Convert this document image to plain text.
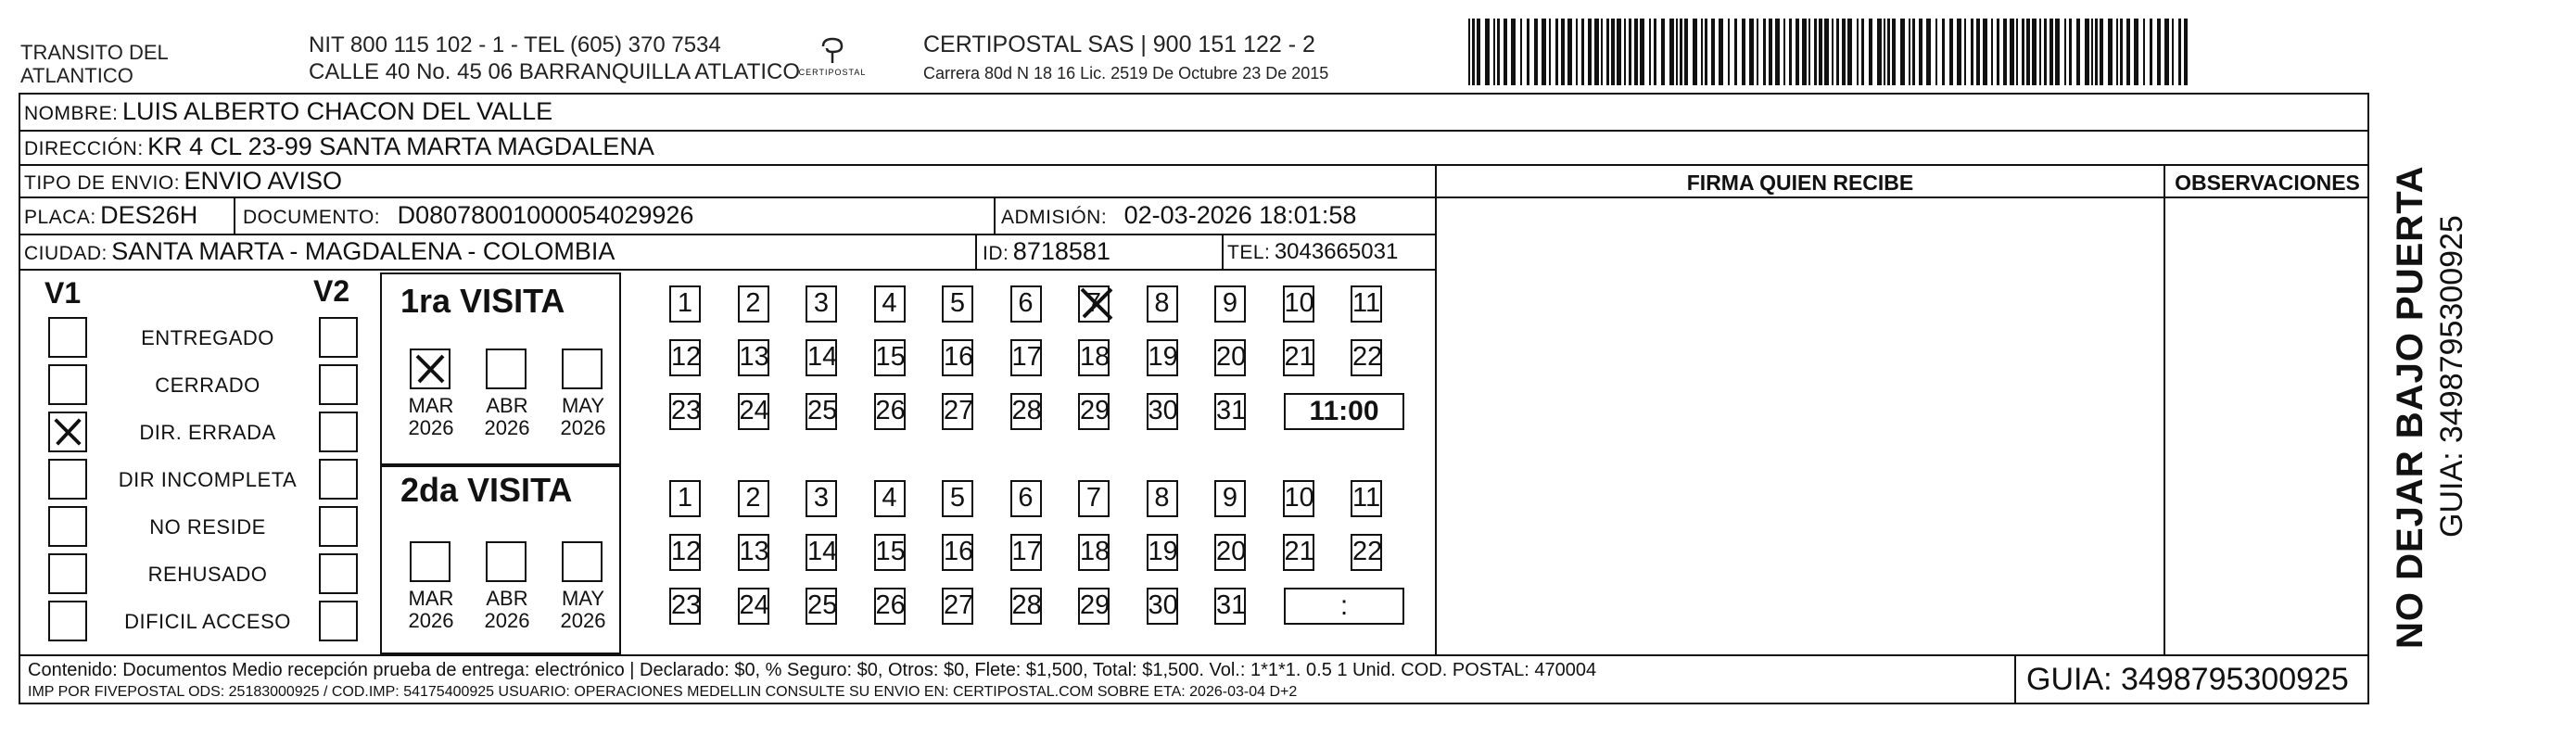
TRANSITO DEL
ATLANTICO
NIT 800 115 102 - 1 - TEL (605) 370 7534
CALLE 40 No. 45 06 BARRANQUILLA ATLATICO
CERTIPOSTAL
CERTIPOSTAL SAS | 900 151 122 - 2
Carrera 80d N 18 16 Lic. 2519 De Octubre 23 De 2015
NOMBRE: LUIS ALBERTO CHACON DEL VALLE
DIRECCIÓN: KR 4 CL 23-99 SANTA MARTA MAGDALENA
TIPO DE ENVIO: ENVIO AVISO	FIRMA QUIEN RECIBE	OBSERVACIONES
PLACA: DES26H DOCUMENTO: D08078001000054029926	ADMISIÓN: 02-03-2026 18:01:58
CIUDAD: SANTA MARTA - MAGDALENA - COLOMBIA	ID: 8718581	TEL: 3043665031
V1	V2
ENTREGADO
CERRADO
DIR. ERRADA
DIR INCOMPLETA
NO RESIDE
REHUSADO
DIFICIL ACCESO
1ra VISITA
MAR
2026
ABR
2026
MAY
2026
1	2	3	4	5	6	7	8	9	10 11
12 13 14 15 16 17 18 19 20 21 22
23 24 25 26 27 28 29 30 31	11:00
2da VISITA
MAR
2026
ABR
2026
MAY
2026
1	2	3	4	5	6	7	8	9	10 11
12 13 14 15 16 17 18 19 20 21 22
23 24 25 26 27 28 29 30 31	:
Contenido: Documentos Medio recepción prueba de entrega: electrónico | Declarado: $0, % Seguro: $0, Otros: $0, Flete: $1,500, Total: $1,500. Vol.: 1*1*1. 0.5 1 Unid. COD. POSTAL: 470004
IMP POR FIVEPOSTAL ODS: 25183000925 / COD.IMP: 54175400925 USUARIO: OPERACIONES MEDELLIN CONSULTE SU ENVIO EN: CERTIPOSTAL.COM SOBRE ETA: 2026-03-04 D+2	GUIA: 3498795300925
NO DEJAR BAJO PUERTA GUIA: 3498795300925
